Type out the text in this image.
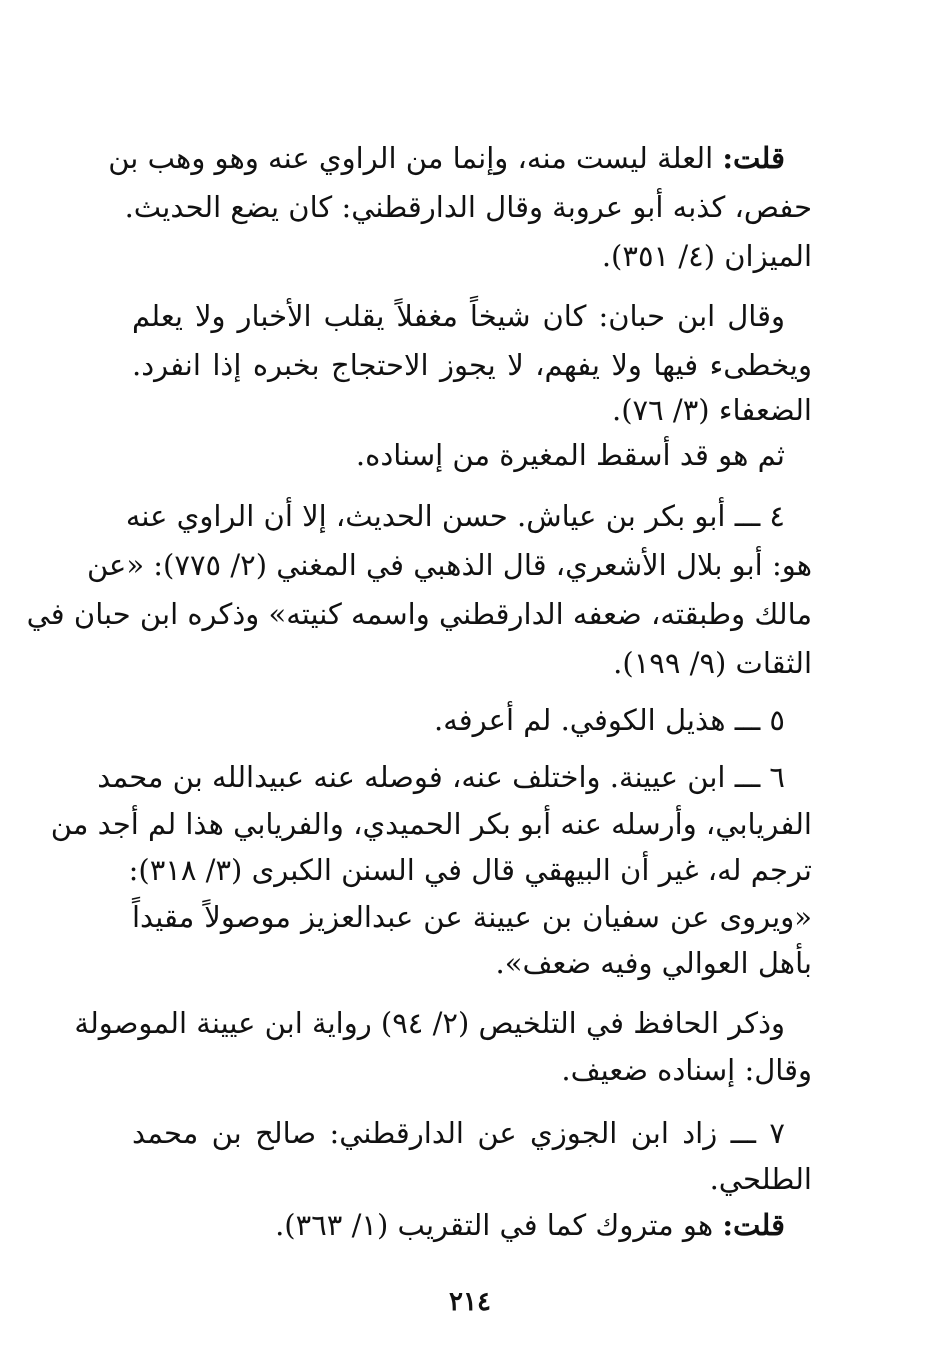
قلت: العلة ليست منه، وإنما من الراوي عنه وهو وهب بن
حفص، كذبه أبو عروبة وقال الدارقطني: كان يضع الحديث.
الميزان (٤/ ٣٥١).
وقال ابن حبان: كان شيخاً مغفلاً يقلب الأخبار ولا يعلم
ويخطىء فيها ولا يفهم، لا يجوز الاحتجاج بخبره إذا انفرد.
الضعفاء (٣/ ٧٦).
ثم هو قد أسقط المغيرة من إسناده.
٤ ـــ أبو بكر بن عياش. حسن الحديث، إلا أن الراوي عنه
هو: أبو بلال الأشعري، قال الذهبي في المغني (٢/ ٧٧٥): «عن
مالك وطبقته، ضعفه الدارقطني واسمه كنيته» وذكره ابن حبان في
الثقات (٩/ ١٩٩).
٥ ـــ هذيل الكوفي. لم أعرفه.
٦ ـــ ابن عيينة. واختلف عنه، فوصله عنه عبيدالله بن محمد
الفريابي، وأرسله عنه أبو بكر الحميدي، والفريابي هذا لم أجد من
ترجم له، غير أن البيهقي قال في السنن الكبرى (٣/ ٣١٨):
«ويروى عن سفيان بن عيينة عن عبدالعزيز موصولاً مقيداً
بأهل العوالي وفيه ضعف».
وذكر الحافظ في التلخيص (٢/ ٩٤) رواية ابن عيينة الموصولة
وقال: إسناده ضعيف.
٧ ـــ زاد ابن الجوزي عن الدارقطني: صالح بن محمد
الطلحي.
قلت: هو متروك كما في التقريب (١/ ٣٦٣).
٢١٤
